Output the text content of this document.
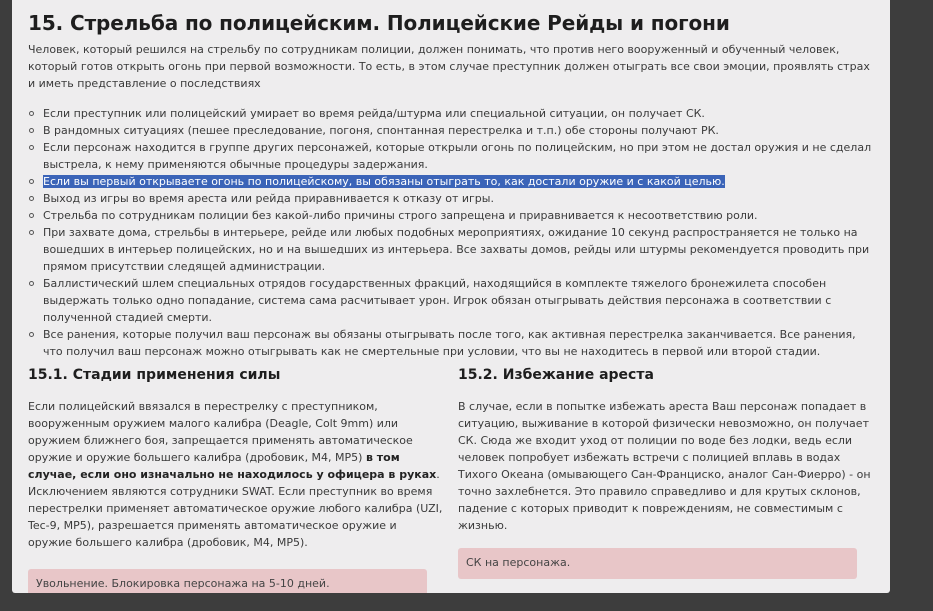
15. Стрельба по полицейским. Полицейские Рейды и погони

Человек, который решился на стрельбу по сотрудникам полиции, должен понимать, что против него вооруженный и обученный человек, который готов открыть огонь при первой возможности. То есть, в этом случае преступник должен отыграть все свои эмоции, проявлять страх и иметь представление о последствиях

Если преступник или полицейский умирает во время рейда/штурма или специальной ситуации, он получает СК.
В рандомных ситуациях (пешее преследование, погоня, спонтанная перестрелка и т.п.) обе стороны получают РК.
Если персонаж находится в группе других персонажей, которые открыли огонь по полицейским, но при этом не достал оружия и не сделал выстрела, к нему применяются обычные процедуры задержания.
Если вы первый открываете огонь по полицейскому, вы обязаны отыграть то, как достали оружие и с какой целью.
Выход из игры во время ареста или рейда приравнивается к отказу от игры.
Стрельба по сотрудникам полиции без какой-либо причины строго запрещена и приравнивается к несоответствию роли.
При захвате дома, стрельбы в интерьере, рейде или любых подобных мероприятиях, ожидание 10 секунд распространяется не только на вошедших в интерьер полицейских, но и на вышедших из интерьера. Все захваты домов, рейды или штурмы рекомендуется проводить при прямом присутствии следящей администрации.
Баллистический шлем специальных отрядов государственных фракций, находящийся в комплекте тяжелого бронежилета способен выдержать только одно попадание, система сама расчитывает урон. Игрок обязан отыгрывать действия персонажа в соответствии с полученной стадией смерти.
Все ранения, которые получил ваш персонаж вы обязаны отыгрывать после того, как активная перестрелка заканчивается. Все ранения, что получил ваш персонаж можно отыгрывать как не смертельные при условии, что вы не находитесь в первой или второй стадии.
15.1. Стадии применения силы

Если полицейский ввязался в перестрелку с преступником, вооруженным оружием малого калибра (Deagle, Colt 9mm) или оружием ближнего боя, запрещается применять автоматическое оружие и оружие большего калибра (дробовик, M4, MP5) в том случае, если оно изначально не находилось у офицера в руках. Исключением являются сотрудники SWAT. Если преступник во время перестрелки применяет автоматическое оружие любого калибра (UZI, Tec-9, MP5), разрешается применять автоматическое оружие и оружие большего калибра (дробовик, M4, MP5).

Увольнение. Блокировка персонажа на 5-10 дней.
15.2. Избежание ареста

В случае, если в попытке избежать ареста Ваш персонаж попадает в ситуацию, выживание в которой физически невозможно, он получает СК. Сюда же входит уход от полиции по воде без лодки, ведь если человек попробует избежать встречи с полицией вплавь в водах Тихого Океана (омывающего Сан-Франциско, аналог Сан-Фиерро) - он точно захлебнется. Это правило справедливо и для крутых склонов, падение с которых приводит к повреждениям, не совместимым с жизнью.

СК на персонажа.
